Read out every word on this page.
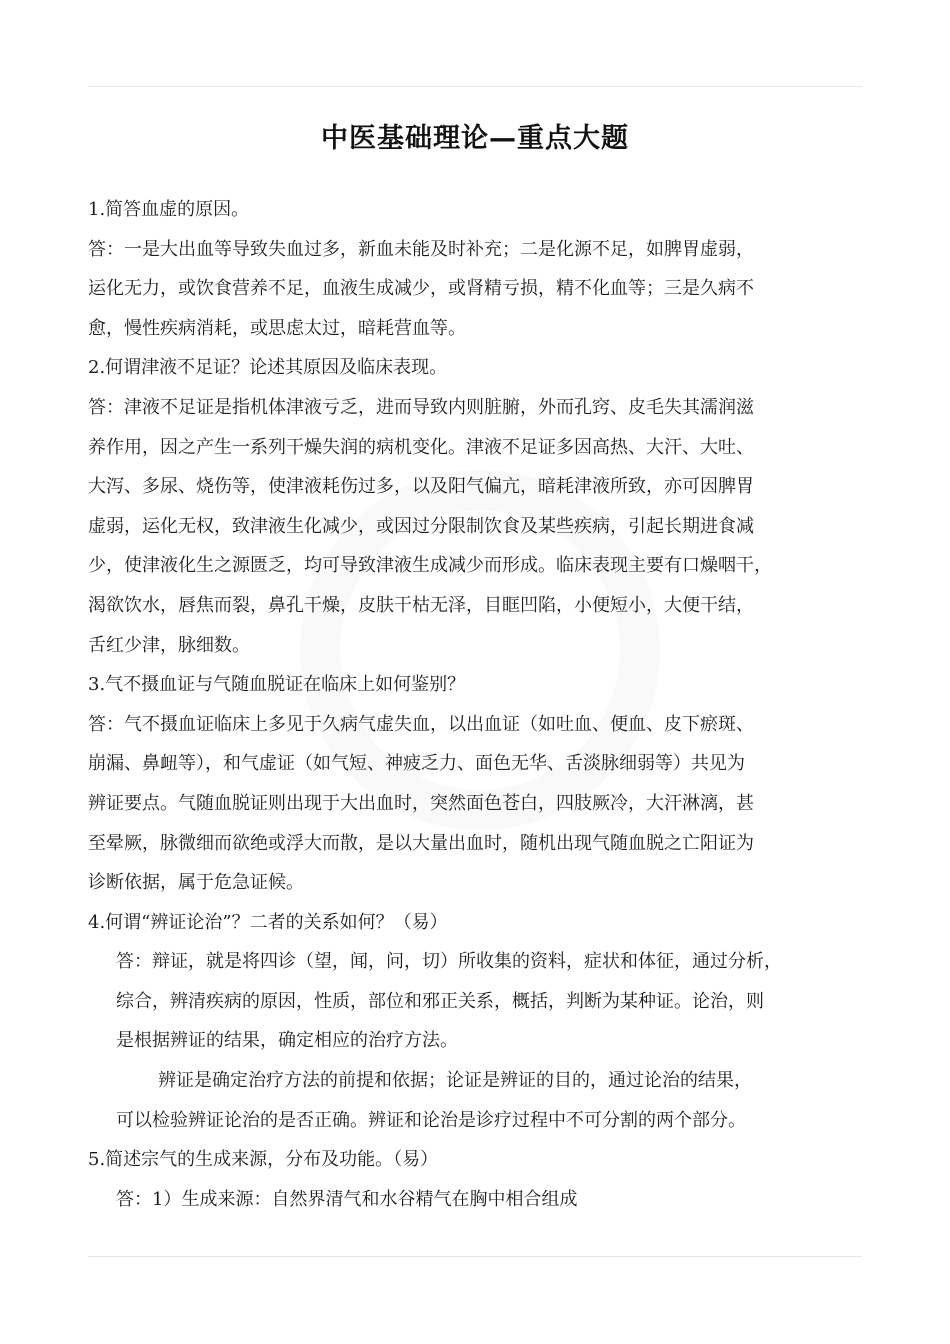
中医基础理论—重点大题

1.简答血虚的原因。

答：一是大出血等导致失血过多，新血未能及时补充；二是化源不足，如脾胃虚弱，

运化无力，或饮食营养不足，血液生成减少，或肾精亏损，精不化血等；三是久病不

愈，慢性疾病消耗，或思虑太过，暗耗营血等。

2.何谓津液不足证？论述其原因及临床表现。

答：津液不足证是指机体津液亏乏，进而导致内则脏腑，外而孔窍、皮毛失其濡润滋

养作用，因之产生一系列干燥失润的病机变化。津液不足证多因高热、大汗、大吐、

大泻、多尿、烧伤等，使津液耗伤过多，以及阳气偏亢，暗耗津液所致，亦可因脾胃

虚弱，运化无权，致津液生化减少，或因过分限制饮食及某些疾病，引起长期进食减

少，使津液化生之源匮乏，均可导致津液生成减少而形成。临床表现主要有口燥咽干，

渴欲饮水，唇焦而裂，鼻孔干燥，皮肤干枯无泽，目眶凹陷，小便短小，大便干结，

舌红少津，脉细数。

3.气不摄血证与气随血脱证在临床上如何鉴别？

答：气不摄血证临床上多见于久病气虚失血，以出血证（如吐血、便血、皮下瘀斑、

崩漏、鼻衄等），和气虚证（如气短、神疲乏力、面色无华、舌淡脉细弱等）共见为

辨证要点。气随血脱证则出现于大出血时，突然面色苍白，四肢厥冷，大汗淋漓，甚

至晕厥，脉微细而欲绝或浮大而散，是以大量出血时，随机出现气随血脱之亡阳证为

诊断依据，属于危急证候。

4.何谓“辨证论治”？二者的关系如何？（易）

答：辩证，就是将四诊（望，闻，问，切）所收集的资料，症状和体征，通过分析，

综合，辨清疾病的原因，性质，部位和邪正关系，概括，判断为某种证。论治，则

是根据辨证的结果，确定相应的治疗方法。

辨证是确定治疗方法的前提和依据；论证是辨证的目的，通过论治的结果，

可以检验辨证论治的是否正确。辨证和论治是诊疗过程中不可分割的两个部分。

5.简述宗气的生成来源，分布及功能。（易）

答：1）生成来源：自然界清气和水谷精气在胸中相合组成
